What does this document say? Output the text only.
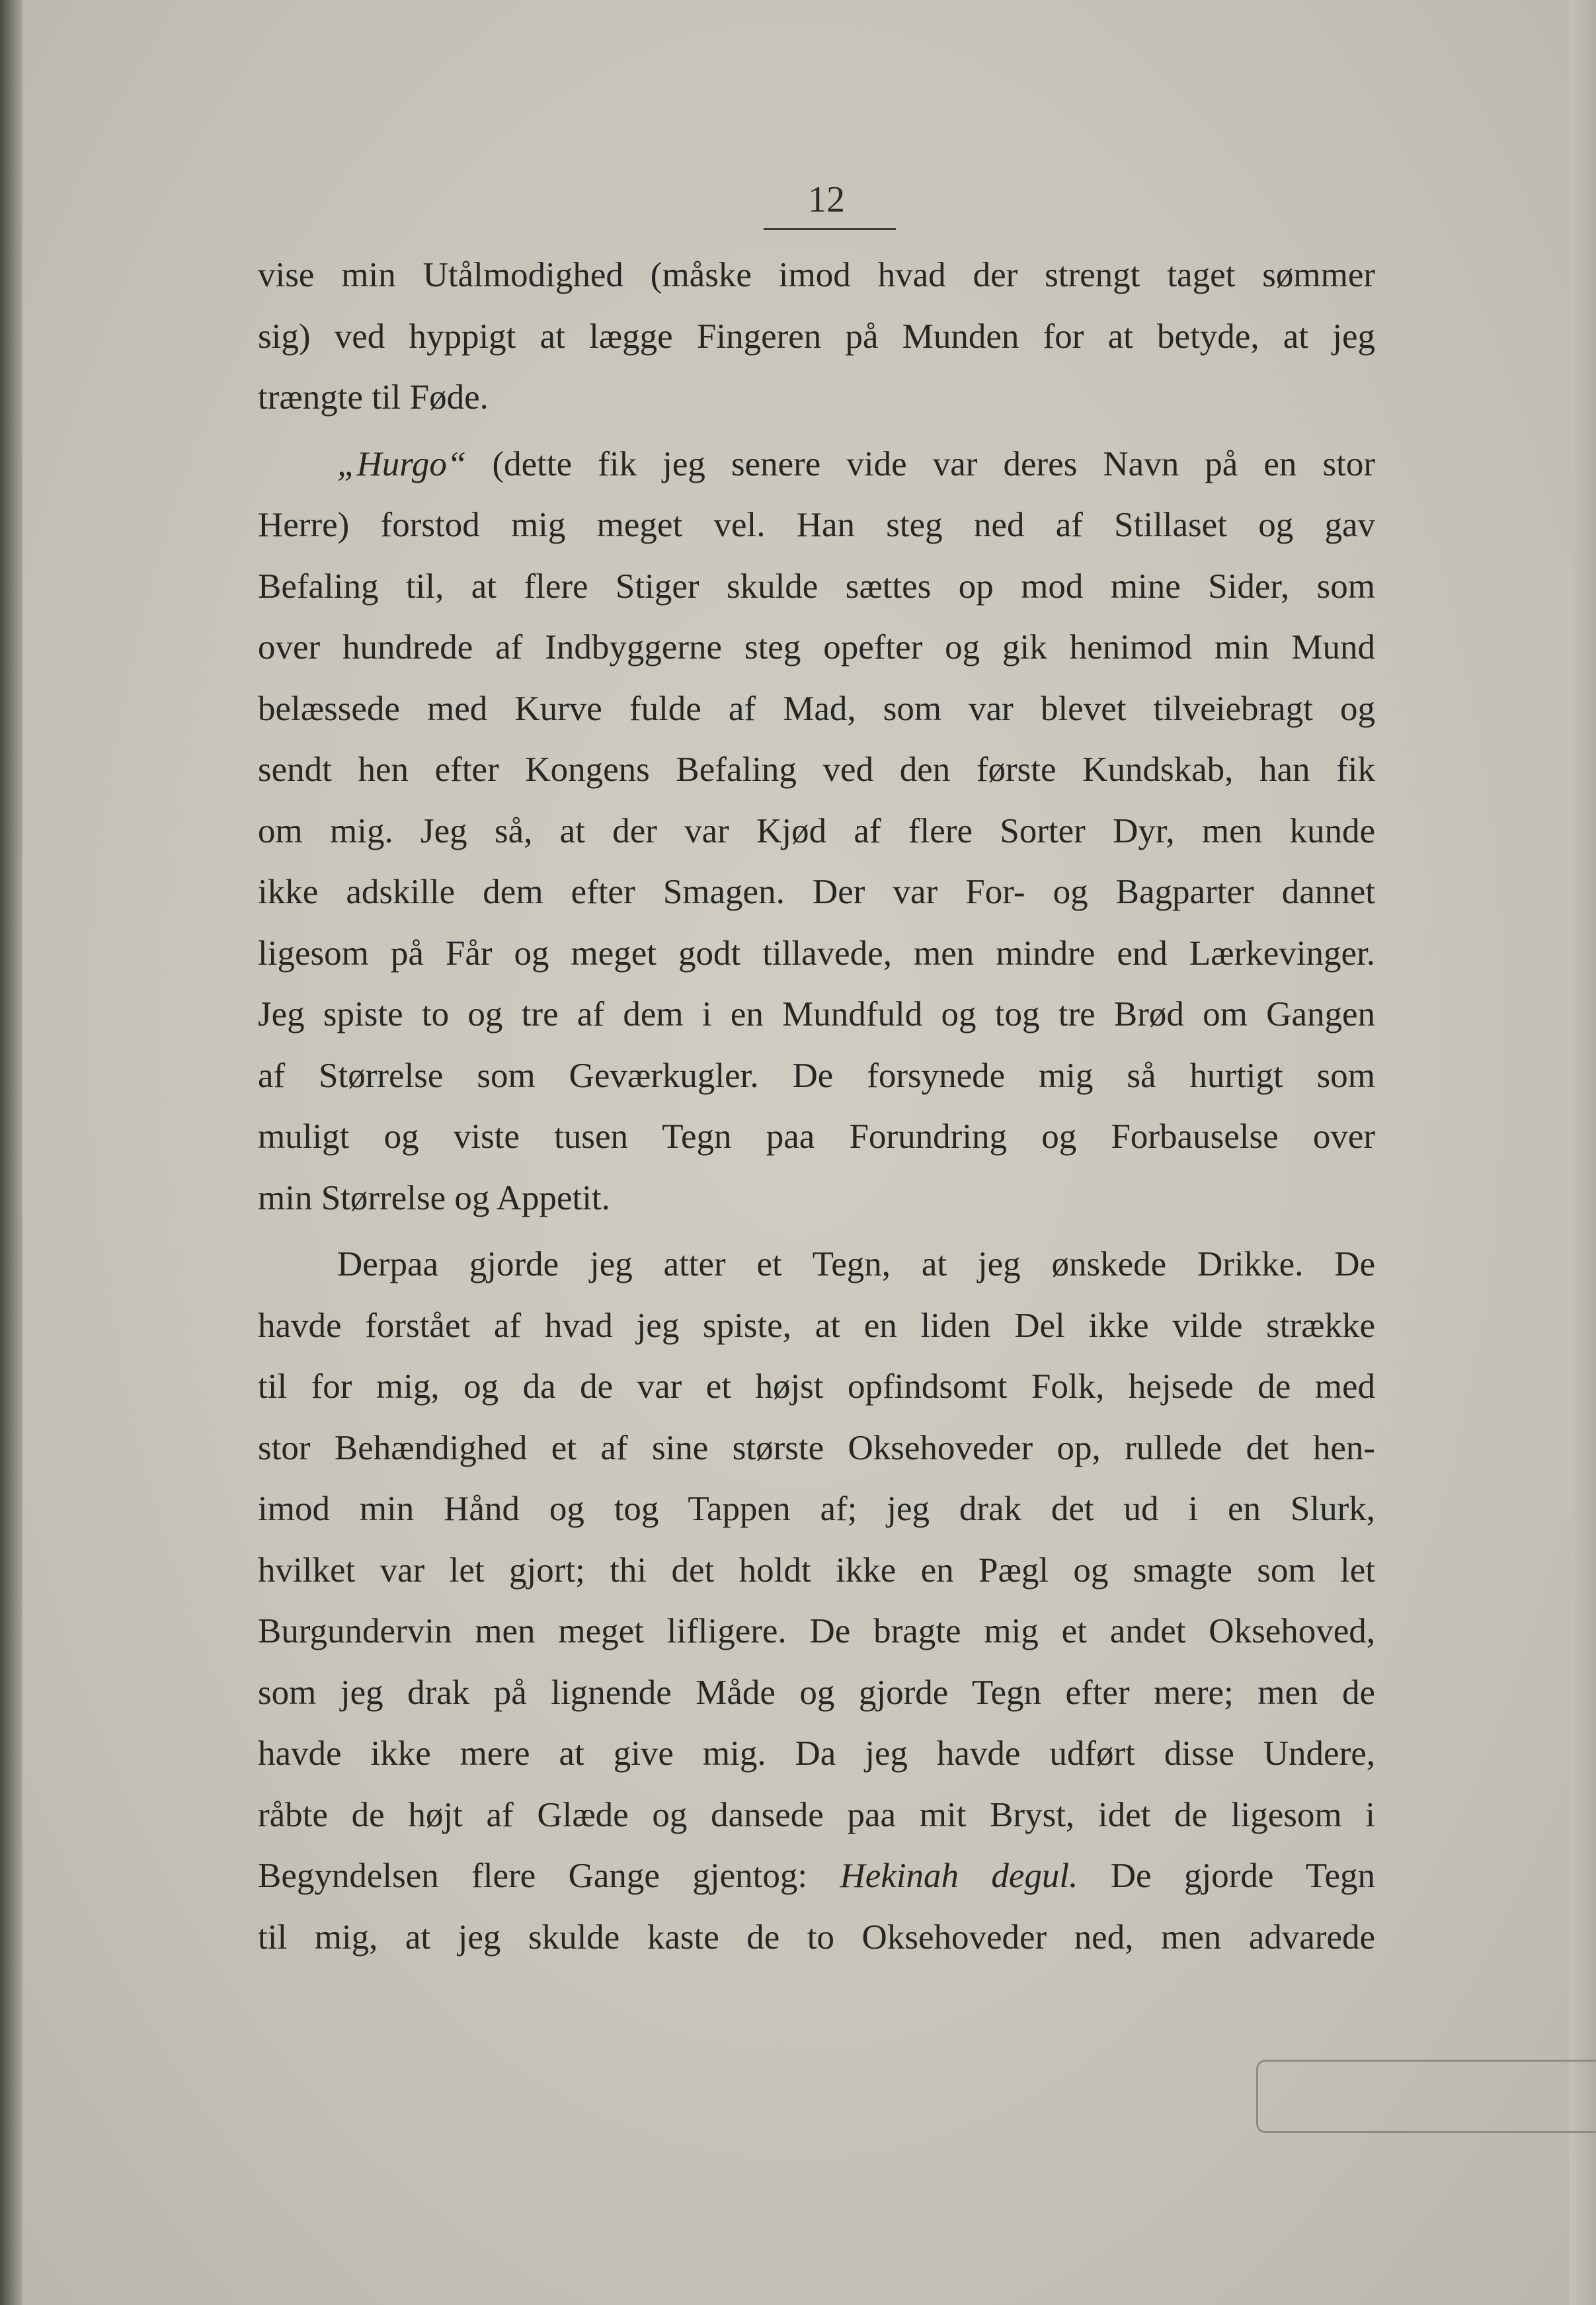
12
vise min Utålmodighed (måske imod hvad der strengt taget sømmer
sig) ved hyppigt at lægge Fingeren på Munden for at betyde, at jeg
trængte til Føde.
„Hurgo“ (dette fik jeg senere vide var deres Navn på en stor
Herre) forstod mig meget vel. Han steg ned af Stillaset og gav
Befaling til, at flere Stiger skulde sættes op mod mine Sider, som
over hundrede af Indbyggerne steg opefter og gik henimod min Mund
belæssede med Kurve fulde af Mad, som var blevet tilveiebragt og
sendt hen efter Kongens Befaling ved den første Kundskab, han fik
om mig. Jeg så, at der var Kjød af flere Sorter Dyr, men kunde
ikke adskille dem efter Smagen. Der var For- og Bagparter dannet
ligesom på Får og meget godt tillavede, men mindre end Lærkevinger.
Jeg spiste to og tre af dem i en Mundfuld og tog tre Brød om Gangen
af Størrelse som Geværkugler. De forsynede mig så hurtigt som
muligt og viste tusen Tegn paa Forundring og Forbauselse over
min Størrelse og Appetit.
Derpaa gjorde jeg atter et Tegn, at jeg ønskede Drikke. De
havde forstået af hvad jeg spiste, at en liden Del ikke vilde strække
til for mig, og da de var et højst opfindsomt Folk, hejsede de med
stor Behændighed et af sine største Oksehoveder op, rullede det hen-
imod min Hånd og tog Tappen af; jeg drak det ud i en Slurk,
hvilket var let gjort; thi det holdt ikke en Pægl og smagte som let
Burgundervin men meget lifligere. De bragte mig et andet Oksehoved,
som jeg drak på lignende Måde og gjorde Tegn efter mere; men de
havde ikke mere at give mig. Da jeg havde udført disse Undere,
råbte de højt af Glæde og dansede paa mit Bryst, idet de ligesom i
Begyndelsen flere Gange gjentog: Hekinah degul. De gjorde Tegn
til mig, at jeg skulde kaste de to Oksehoveder ned, men advarede
